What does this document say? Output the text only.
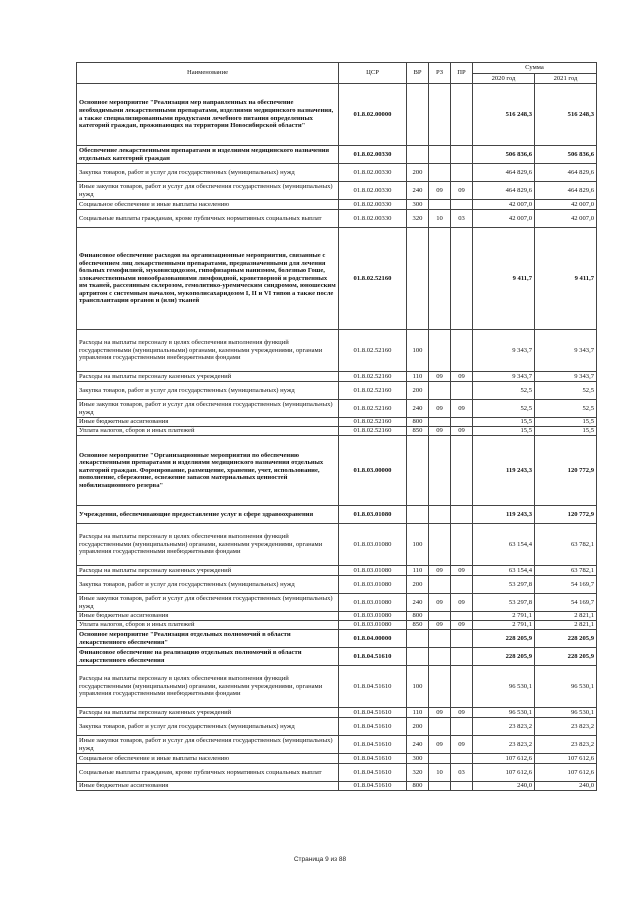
Наименование	ЦСР	ВР	РЗ	ПР	Сумма	
					2020 год	2021 год
Основное мероприятие "Реализация мер направленных на обеспечение необходимыми лекарственными препаратами, изделиями медицинского назначения, а также специализированными продуктами лечебного питания определенных категорий граждан, проживающих на территории Новосибирской области"	01.8.02.00000				516 248,3	516 248,3
Обеспечение лекарственными препаратами и изделиями медицинского назначения отдельных категорий граждан	01.8.02.00330				506 836,6	506 836,6
Закупка товаров, работ и услуг для государственных (муниципальных) нужд	01.8.02.00330	200			464 829,6	464 829,6
Иные закупки товаров, работ и услуг для обеспечения государственных (муниципальных) нужд	01.8.02.00330	240	09	09	464 829,6	464 829,6
Социальное обеспечение и иные выплаты населению	01.8.02.00330	300			42 007,0	42 007,0
Социальные выплаты гражданам, кроме публичных нормативных социальных выплат	01.8.02.00330	320	10	03	42 007,0	42 007,0
Финансовое обеспечение расходов на организационные мероприятия, связанные с обеспечением лиц лекарственными препаратами, предназначенными для лечения больных гемофилией, муковисцидозом, гипофизарным нанизмом, болезнью Гоше, злокачественными новообразованиями лимфоидной, кроветворной и родственных им тканей, рассеянным склерозом, гемолитико-уремическим синдромом, юношеским артритом с системным началом, мукополисахаридозом I, II и VI типов а также после трансплантации органов и (или) тканей	01.8.02.52160				9 411,7	9 411,7
Расходы на выплаты персоналу в целях обеспечения выполнения функций государственными (муниципальными) органами, казенными учреждениями, органами управления государственными внебюджетными фондами	01.8.02.52160	100			9 343,7	9 343,7
Расходы на выплаты персоналу казенных учреждений	01.8.02.52160	110	09	09	9 343,7	9 343,7
Закупка товаров, работ и услуг для государственных (муниципальных) нужд	01.8.02.52160	200			52,5	52,5
Иные закупки товаров, работ и услуг для обеспечения государственных (муниципальных) нужд	01.8.02.52160	240	09	09	52,5	52,5
Иные бюджетные ассигнования	01.8.02.52160	800			15,5	15,5
Уплата налогов, сборов и иных платежей	01.8.02.52160	850	09	09	15,5	15,5
Основное мероприятие "Организационные мероприятия по обеспечению лекарственными препаратами и изделиями медицинского назначения отдельных категорий граждан. Формирование, размещение, хранение, учет, использование, пополнение, сбережение, освежение запасов материальных ценностей мобилизационного резерва"	01.8.03.00000				119 243,3	120 772,9
Учреждения, обеспечивающие предоставление услуг в сфере здравоохранения	01.8.03.01080				119 243,3	120 772,9
Расходы на выплаты персоналу в целях обеспечения выполнения функций государственными (муниципальными) органами, казенными учреждениями, органами управления государственными внебюджетными фондами	01.8.03.01080	100			63 154,4	63 782,1
Расходы на выплаты персоналу казенных учреждений	01.8.03.01080	110	09	09	63 154,4	63 782,1
Закупка товаров, работ и услуг для государственных (муниципальных) нужд	01.8.03.01080	200			53 297,8	54 169,7
Иные закупки товаров, работ и услуг для обеспечения государственных (муниципальных) нужд	01.8.03.01080	240	09	09	53 297,8	54 169,7
Иные бюджетные ассигнования	01.8.03.01080	800			2 791,1	2 821,1
Уплата налогов, сборов и иных платежей	01.8.03.01080	850	09	09	2 791,1	2 821,1
Основное мероприятие "Реализация отдельных полномочий в области лекарственного обеспечения"	01.8.04.00000				228 205,9	228 205,9
Финансовое обеспечение на реализацию отдельных полномочий в области лекарственного обеспечения	01.8.04.51610				228 205,9	228 205,9
Расходы на выплаты персоналу в целях обеспечения выполнения функций государственными (муниципальными) органами, казенными учреждениями, органами управления государственными внебюджетными фондами	01.8.04.51610	100			96 530,1	96 530,1
Расходы на выплаты персоналу казенных учреждений	01.8.04.51610	110	09	09	96 530,1	96 530,1
Закупка товаров, работ и услуг для государственных (муниципальных) нужд	01.8.04.51610	200			23 823,2	23 823,2
Иные закупки товаров, работ и услуг для обеспечения государственных (муниципальных) нужд	01.8.04.51610	240	09	09	23 823,2	23 823,2
Социальное обеспечение и иные выплаты населению	01.8.04.51610	300			107 612,6	107 612,6
Социальные выплаты гражданам, кроме публичных нормативных социальных выплат	01.8.04.51610	320	10	03	107 612,6	107 612,6
Иные бюджетные ассигнования	01.8.04.51610	800			240,0	240,0
Страница 9 из 88
